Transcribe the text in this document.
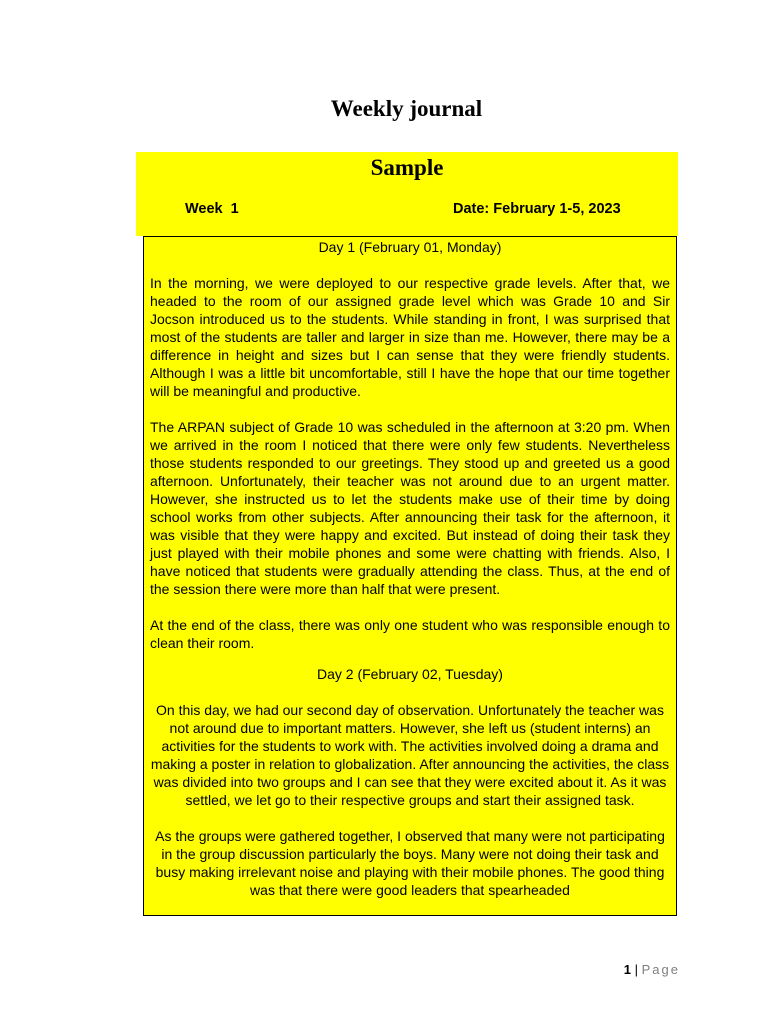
Weekly journal
Sample
Week  1	Date: February 1-5, 2023
Day 1 (February 01, Monday)

In the morning, we were deployed to our respective grade levels. After that, we headed to the room of our assigned grade level which was Grade 10 and Sir Jocson introduced us to the students. While standing in front, I was surprised that most of the students are taller and larger in size than me. However, there may be a difference in height and sizes but I can sense that they were friendly students. Although I was a little bit uncomfortable, still I have the hope that our time together will be meaningful and productive.

The ARPAN subject of Grade 10 was scheduled in the afternoon at 3:20 pm. When we arrived in the room I noticed that there were only few students. Nevertheless those students responded to our greetings. They stood up and greeted us a good afternoon. Unfortunately, their teacher was not around due to an urgent matter. However, she instructed us to let the students make use of their time by doing school works from other subjects. After announcing their task for the afternoon, it was visible that they were happy and excited. But instead of doing their task they just played with their mobile phones and some were chatting with friends. Also, I have noticed that students were gradually attending the class. Thus, at the end of the session there were more than half that were present.

At the end of the class, there was only one student who was responsible enough to clean their room.

Day 2 (February 02, Tuesday)

On this day, we had our second day of observation. Unfortunately the teacher was not around due to important matters. However, she left us (student interns) an activities for the students to work with. The activities involved doing a drama and making a poster in relation to globalization. After announcing the activities, the class was divided into two groups and I can see that they were excited about it. As it was settled, we let go to their respective groups and start their assigned task.

As the groups were gathered together, I observed that many were not participating in the group discussion particularly the boys. Many were not doing their task and busy making irrelevant noise and playing with their mobile phones. The good thing was that there were good leaders that spearheaded

1 | Page
